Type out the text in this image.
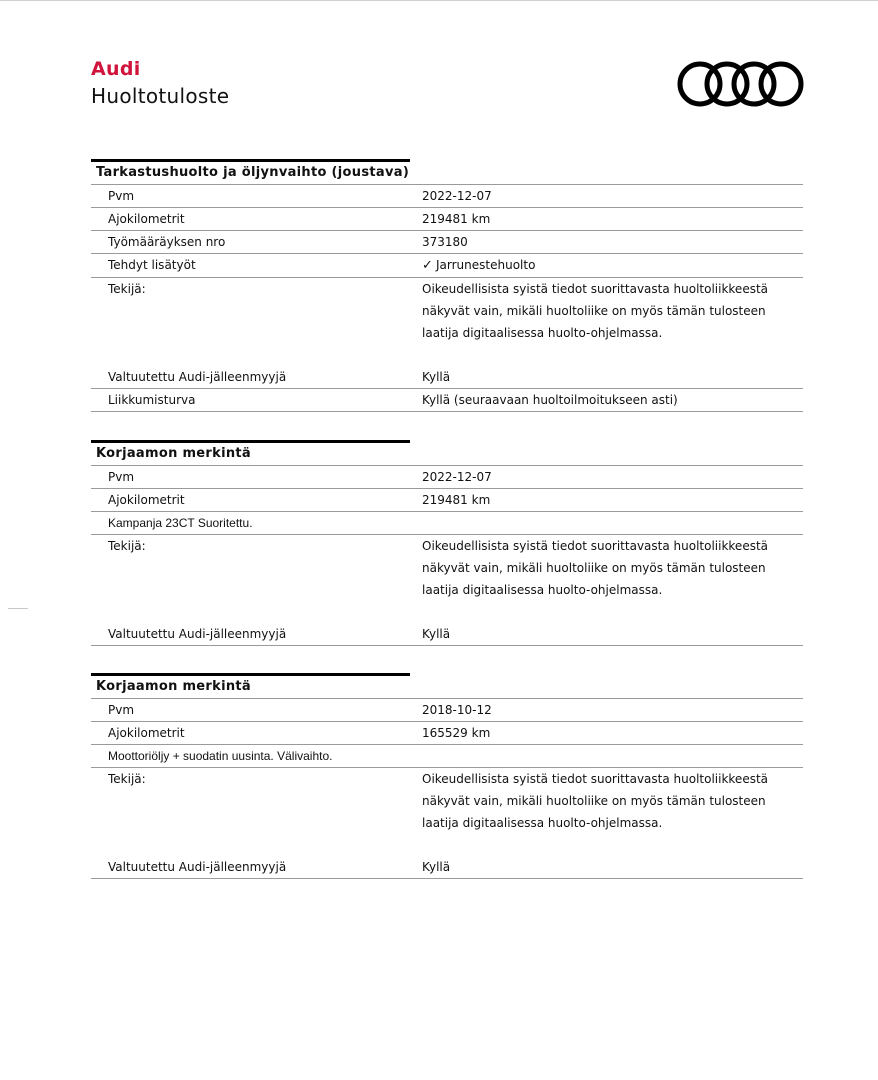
Audi
Huoltotuloste
Tarkastushuolto ja öljynvaihto (joustava)
Pvm	2022-12-07
Ajokilometrit	219481 km
Työmääräyksen nro	373180
Tehdyt lisätyöt	✓ Jarrunestehuolto
Tekijä:	Oikeudellisista syistä tiedot suorittavasta huoltoliikkeestä näkyvät vain, mikäli huoltoliike on myös tämän tulosteen laatija digitaalisessa huolto-ohjelmassa.
Valtuutettu Audi-jälleenmyyjä	Kyllä
Liikkumisturva	Kyllä (seuraavaan huoltoilmoitukseen asti)
Korjaamon merkintä
Pvm	2022-12-07
Ajokilometrit	219481 km
Kampanja 23CT Suoritettu.
Tekijä:	Oikeudellisista syistä tiedot suorittavasta huoltoliikkeestä näkyvät vain, mikäli huoltoliike on myös tämän tulosteen laatija digitaalisessa huolto-ohjelmassa.
Valtuutettu Audi-jälleenmyyjä	Kyllä
Korjaamon merkintä
Pvm	2018-10-12
Ajokilometrit	165529 km
Moottoriöljy + suodatin uusinta. Välivaihto.
Tekijä:	Oikeudellisista syistä tiedot suorittavasta huoltoliikkeestä näkyvät vain, mikäli huoltoliike on myös tämän tulosteen laatija digitaalisessa huolto-ohjelmassa.
Valtuutettu Audi-jälleenmyyjä	Kyllä
